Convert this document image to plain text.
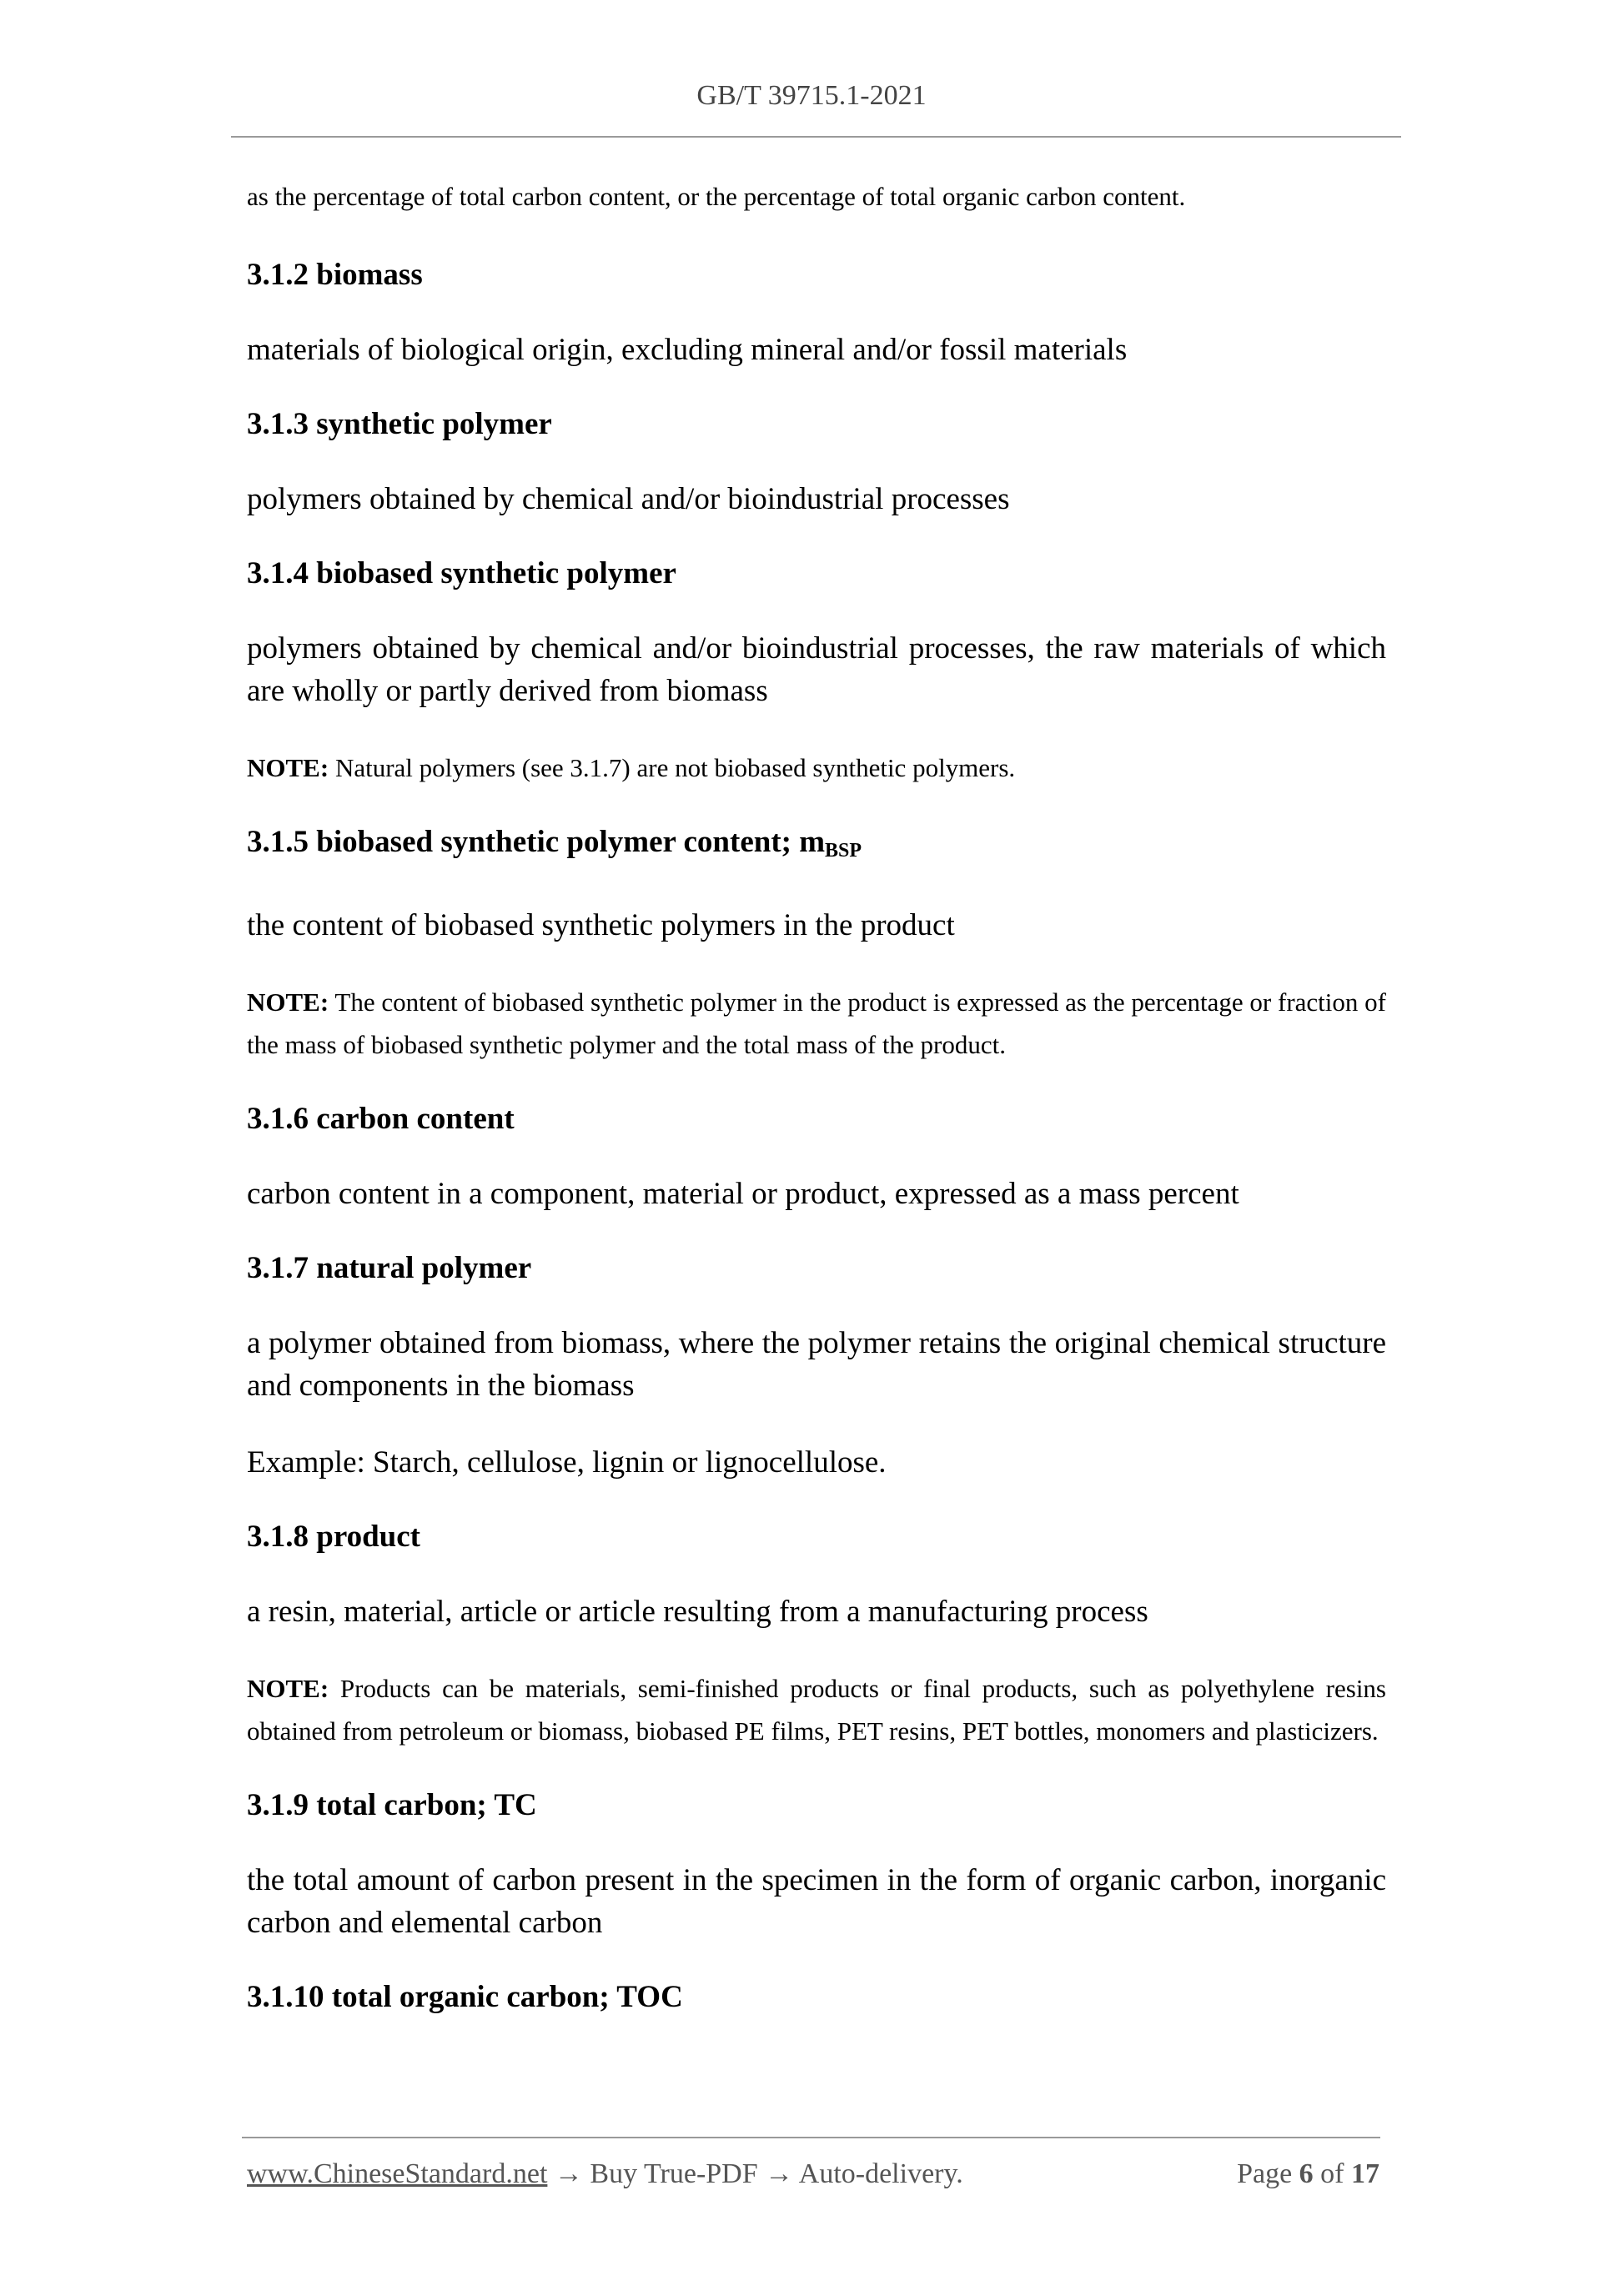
GB/T 39715.1-2021

as the percentage of total carbon content, or the percentage of total organic carbon content.

3.1.2 biomass

materials of biological origin, excluding mineral and/or fossil materials

3.1.3 synthetic polymer

polymers obtained by chemical and/or bioindustrial processes

3.1.4 biobased synthetic polymer

polymers obtained by chemical and/or bioindustrial processes, the raw materials of which are wholly or partly derived from biomass

NOTE: Natural polymers (see 3.1.7) are not biobased synthetic polymers.

3.1.5 biobased synthetic polymer content; $m_{BSP}$

the content of biobased synthetic polymers in the product

NOTE: The content of biobased synthetic polymer in the product is expressed as the percentage or fraction of the mass of biobased synthetic polymer and the total mass of the product.

3.1.6 carbon content

carbon content in a component, material or product, expressed as a mass percent

3.1.7 natural polymer

a polymer obtained from biomass, where the polymer retains the original chemical structure and components in the biomass

Example: Starch, cellulose, lignin or lignocellulose.

3.1.8 product

a resin, material, article or article resulting from a manufacturing process

NOTE: Products can be materials, semi-finished products or final products, such as polyethylene resins obtained from petroleum or biomass, biobased PE films, PET resins, PET bottles, monomers and plasticizers.

3.1.9 total carbon; TC

the total amount of carbon present in the specimen in the form of organic carbon, inorganic carbon and elemental carbon

3.1.10 total organic carbon; TOC
www.ChineseStandard.net → Buy True-PDF → Auto-delivery.	Page 6 of 17
